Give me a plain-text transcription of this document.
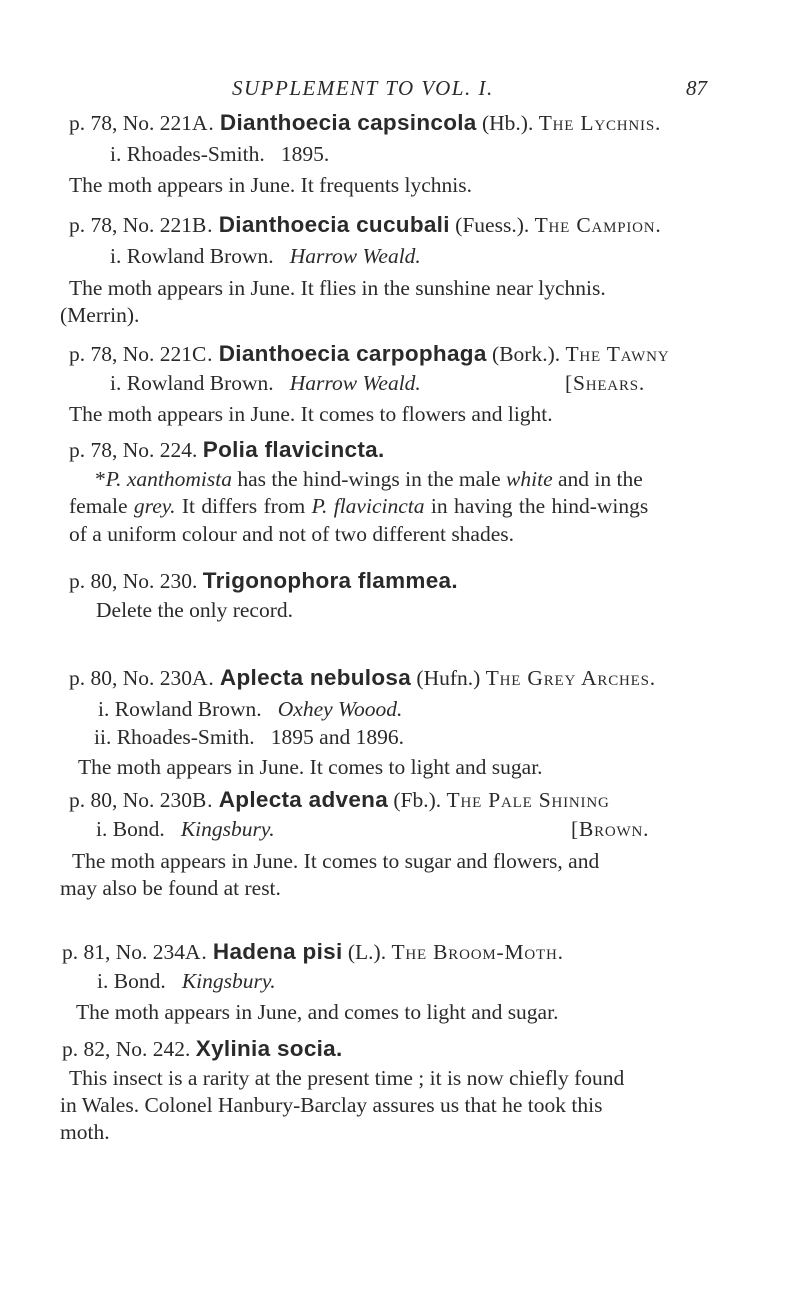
SUPPLEMENT TO VOL. I.	87
p. 78, No. 221A. Dianthoecia capsincola (Hb.). The Lychnis.
i. Rhoades-Smith. 1895.
The moth appears in June. It frequents lychnis.
p. 78, No. 221B. Dianthoecia cucubali (Fuess.). The Campion.
i. Rowland Brown. Harrow Weald.
The moth appears in June. It flies in the sunshine near lychnis.
(Merrin).
p. 78, No. 221C. Dianthoecia carpophaga (Bork.). The Tawny
i. Rowland Brown. Harrow Weald.	[Shears.
The moth appears in June. It comes to flowers and light.
p. 78, No. 224. Polia flavicincta.
*P. xanthomista has the hind-wings in the male white and in the
female grey. It differs from P. flavicincta in having the hind-wings
of a uniform colour and not of two different shades.
p. 80, No. 230. Trigonophora flammea.
Delete the only record.
p. 80, No. 230A. Aplecta nebulosa (Hufn.) The Grey Arches.
i. Rowland Brown. Oxhey Woood.
ii. Rhoades-Smith. 1895 and 1896.
The moth appears in June. It comes to light and sugar.
p. 80, No. 230B. Aplecta advena (Fb.). The Pale Shining
i. Bond. Kingsbury.	[Brown.
The moth appears in June. It comes to sugar and flowers, and
may also be found at rest.
p. 81, No. 234A. Hadena pisi (L.). The Broom-Moth.
i. Bond. Kingsbury.
The moth appears in June, and comes to light and sugar.
p. 82, No. 242. Xylinia socia.
This insect is a rarity at the present time ; it is now chiefly found
in Wales. Colonel Hanbury-Barclay assures us that he took this
moth.
